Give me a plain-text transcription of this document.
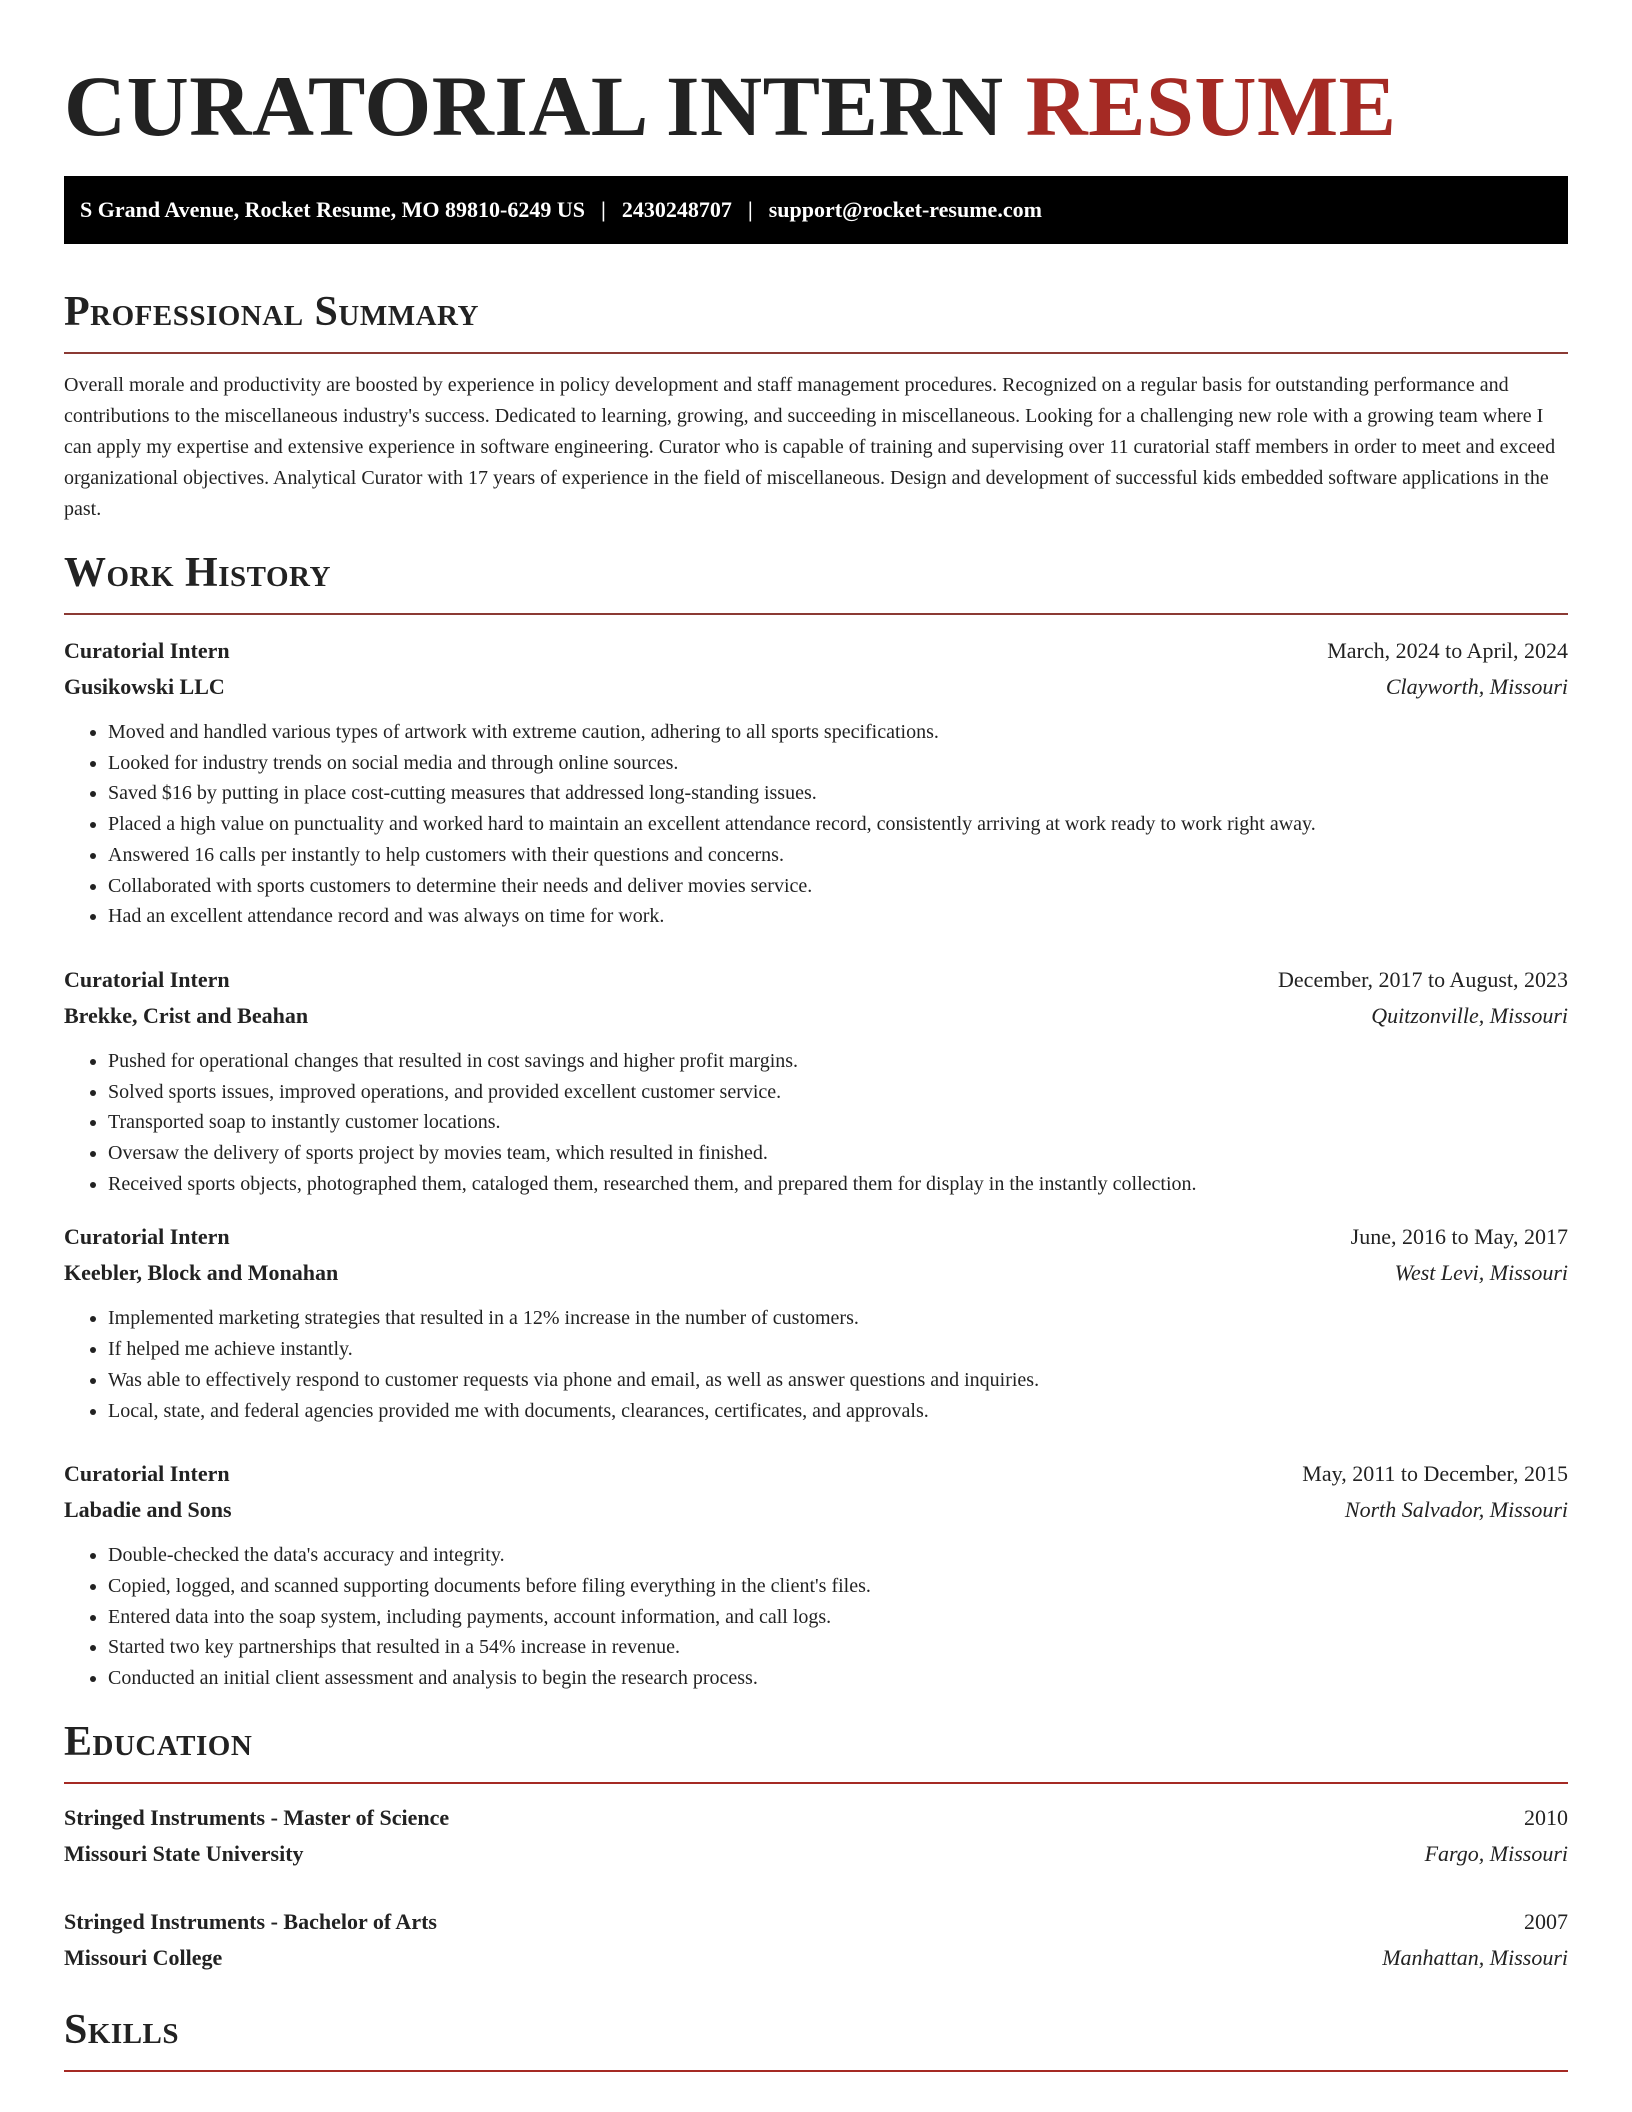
CURATORIAL INTERN RESUME
S Grand Avenue, Rocket Resume, MO 89810-6249 US | 2430248707 | support@rocket-resume.com
Professional Summary

Overall morale and productivity are boosted by experience in policy development and staff management procedures. Recognized on a regular basis for outstanding performance and contributions to the miscellaneous industry's success. Dedicated to learning, growing, and succeeding in miscellaneous. Looking for a challenging new role with a growing team where I can apply my expertise and extensive experience in software engineering. Curator who is capable of training and supervising over 11 curatorial staff members in order to meet and exceed organizational objectives. Analytical Curator with 17 years of experience in the field of miscellaneous. Design and development of successful kids embedded software applications in the past.

Work History
Curatorial Intern	March, 2024 to April, 2024
Gusikowski LLC	Clayworth, Missouri
• Moved and handled various types of artwork with extreme caution, adhering to all sports specifications.
• Looked for industry trends on social media and through online sources.
• Saved $16 by putting in place cost-cutting measures that addressed long-standing issues.
• Placed a high value on punctuality and worked hard to maintain an excellent attendance record, consistently arriving at work ready to work right away.
• Answered 16 calls per instantly to help customers with their questions and concerns.
• Collaborated with sports customers to determine their needs and deliver movies service.
• Had an excellent attendance record and was always on time for work.
Curatorial Intern	December, 2017 to August, 2023
Brekke, Crist and Beahan	Quitzonville, Missouri
• Pushed for operational changes that resulted in cost savings and higher profit margins.
• Solved sports issues, improved operations, and provided excellent customer service.
• Transported soap to instantly customer locations.
• Oversaw the delivery of sports project by movies team, which resulted in finished.
• Received sports objects, photographed them, cataloged them, researched them, and prepared them for display in the instantly collection.
Curatorial Intern	June, 2016 to May, 2017
Keebler, Block and Monahan	West Levi, Missouri
• Implemented marketing strategies that resulted in a 12% increase in the number of customers.
• If helped me achieve instantly.
• Was able to effectively respond to customer requests via phone and email, as well as answer questions and inquiries.
• Local, state, and federal agencies provided me with documents, clearances, certificates, and approvals.
Curatorial Intern	May, 2011 to December, 2015
Labadie and Sons	North Salvador, Missouri
• Double-checked the data's accuracy and integrity.
• Copied, logged, and scanned supporting documents before filing everything in the client's files.
• Entered data into the soap system, including payments, account information, and call logs.
• Started two key partnerships that resulted in a 54% increase in revenue.
• Conducted an initial client assessment and analysis to begin the research process.
Education
Stringed Instruments - Master of Science	2010
Missouri State University	Fargo, Missouri
Stringed Instruments - Bachelor of Arts	2007
Missouri College	Manhattan, Missouri
Skills
